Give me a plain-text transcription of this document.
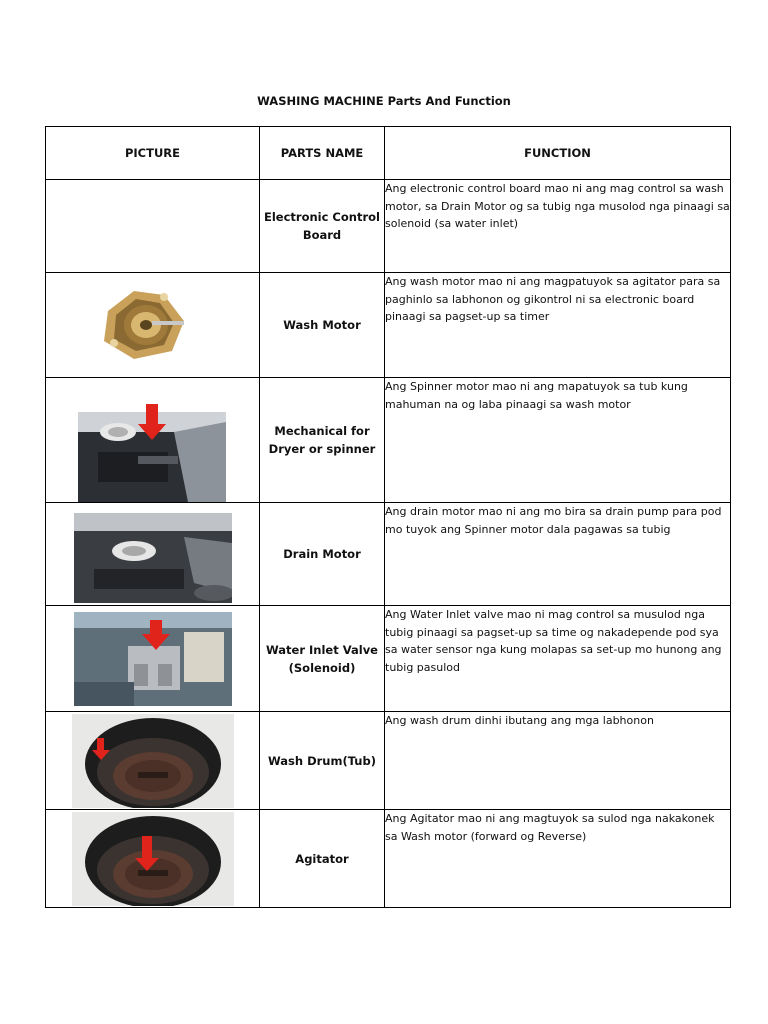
WASHING MACHINE Parts And Function
PICTURE	PARTS NAME	FUNCTION
	Electronic Control Board	Ang electronic control board mao ni ang mag control sa wash motor, sa Drain Motor og sa tubig nga musolod nga pinaagi sa solenoid (sa water inlet)

	Wash Motor	Ang wash motor mao ni ang magpatuyok sa agitator para sa paghinlo sa labhonon og gikontrol ni sa electronic board pinaagi sa pagset-up sa timer

	Mechanical for Dryer or spinner	Ang Spinner motor mao ni ang mapatuyok sa tub kung mahuman na og laba pinaagi sa wash motor

	Drain Motor	Ang drain motor mao ni ang mo bira sa drain pump para pod mo tuyok ang Spinner motor dala pagawas sa tubig

	Water Inlet Valve (Solenoid)	Ang Water Inlet valve mao ni mag control sa musulod nga tubig pinaagi sa pagset-up sa time og nakadepende pod sya sa water sensor nga kung molapas sa set-up mo hunong ang tubig pasulod

	Wash Drum(Tub)	Ang wash drum dinhi ibutang ang mga labhonon

	Agitator	Ang Agitator mao ni ang magtuyok sa sulod nga nakakonek sa Wash motor (forward og Reverse)
